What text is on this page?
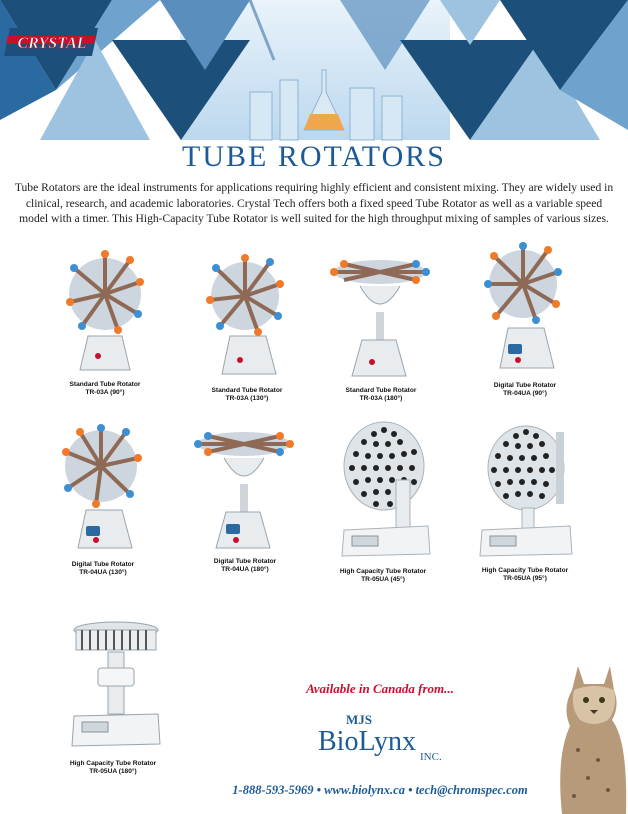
CRYSTAL
TUBE ROTATORS
Tube Rotators are the ideal instruments for applications requiring highly efficient and consistent mixing. They are widely used in clinical, research, and academic laboratories. Crystal Tech offers both a fixed speed Tube Rotator as well as a variable speed model with a timer. This High-Capacity Tube Rotator is well suited for the high throughput mixing of samples of various sizes.
Standard Tube Rotator
TR-03A (90°)	Standard Tube Rotator
TR-03A (130°)
Standard Tube Rotator
TR-03A (180°)
Digital Tube Rotator
TR-04UA (90°)
Digital Tube Rotator
TR-04UA (130°)
Digital Tube Rotator
TR-04UA (180°)	High Capacity Tube Rotator
TR-05UA (45°)
High Capacity Tube Rotator
TR-05UA (95°)
High Capacity Tube Rotator
TR-05UA (180°)
Available in Canada from...
MJS
BioLynx INC.
1-888-593-5969 • www.biolynx.ca • tech@chromspec.com
